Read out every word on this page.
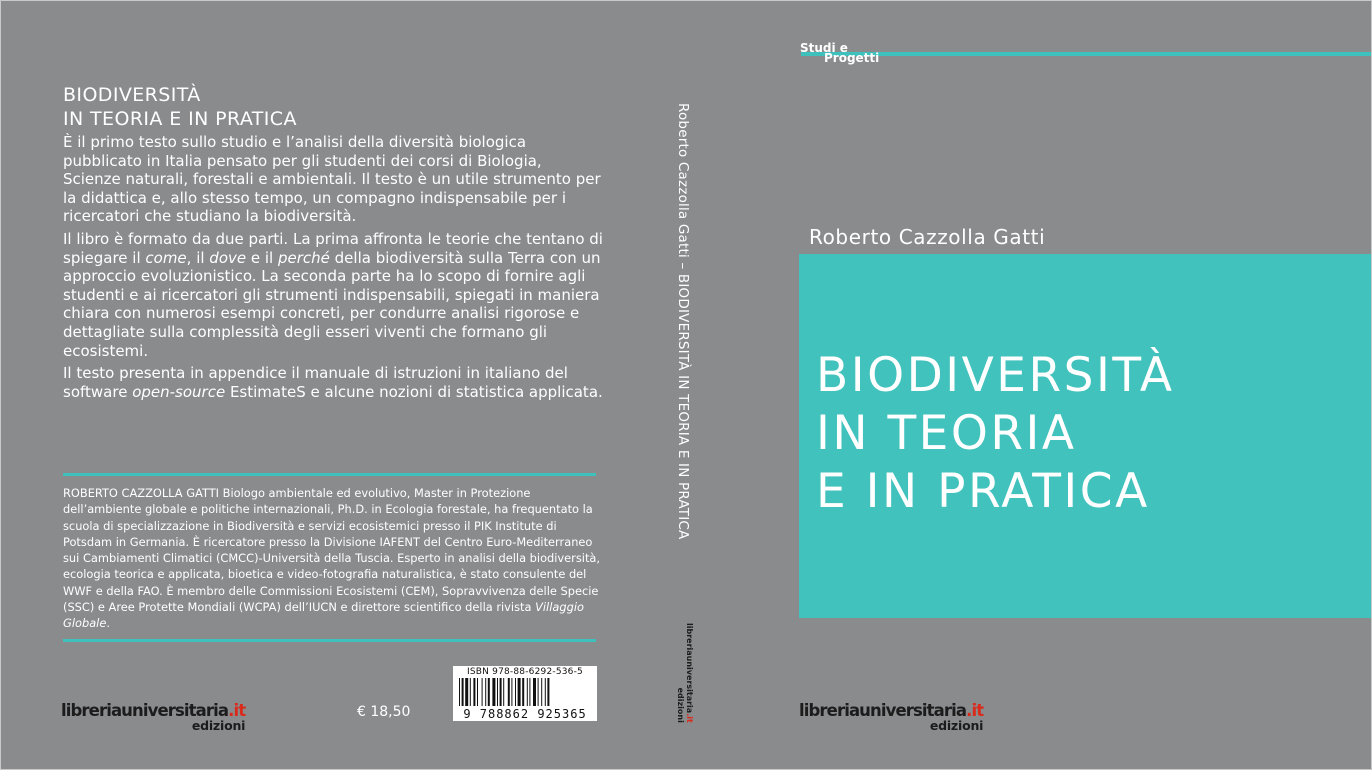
BIODIVERSITÀ
IN TEORIA E IN PRATICA

È il primo testo sullo studio e l’analisi della diversità biologica pubblicato in Italia pensato per gli studenti dei corsi di Biologia, Scienze naturali, forestali e ambientali. Il testo è un utile strumento per la didattica e, allo stesso tempo, un compagno indispensabile per i ricercatori che studiano la biodiversità.

Il libro è formato da due parti. La prima affronta le teorie che tentano di spiegare il come, il dove e il perché della biodiversità sulla Terra con un approccio evoluzionistico. La seconda parte ha lo scopo di fornire agli studenti e ai ricercatori gli strumenti indispensabili, spiegati in maniera chiara con numerosi esempi concreti, per condurre analisi rigorose e dettagliate sulla complessità degli esseri viventi che formano gli ecosistemi.

Il testo presenta in appendice il manuale di istruzioni in italiano del software open-source EstimateS e alcune nozioni di statistica applicata.

ROBERTO CAZZOLLA GATTI Biologo ambientale ed evolutivo, Master in Protezione dell’ambiente globale e politiche internazionali, Ph.D. in Ecologia forestale, ha frequentato la scuola di specializzazione in Biodiversità e servizi ecosistemici presso il PIK Institute di Potsdam in Germania. È ricercatore presso la Divisione IAFENT del Centro Euro-Mediterraneo sui Cambiamenti Climatici (CMCC)-Università della Tuscia. Esperto in analisi della biodiversità, ecologia teorica e applicata, bioetica e video-fotografia naturalistica, è stato consulente del WWF e della FAO. È membro delle Commissioni Ecosistemi (CEM), Sopravvivenza delle Specie (SSC) e Aree Protette Mondiali (WCPA) dell’IUCN e direttore scientifico della rivista Villaggio Globale.
libreriauniversitaria.it
edizioni
€ 18,50
ISBN 978-88-6292-536-5
9 788862 925365
Roberto Cazzolla Gatti – BIODIVERSITÀ IN TEORIA E IN PRATICA
libreriauniversitaria.it
edizioni
Studi e
Progetti
Roberto Cazzolla Gatti
BIODIVERSITÀ
IN TEORIA
E IN PRATICA
libreriauniversitaria.it
edizioni
